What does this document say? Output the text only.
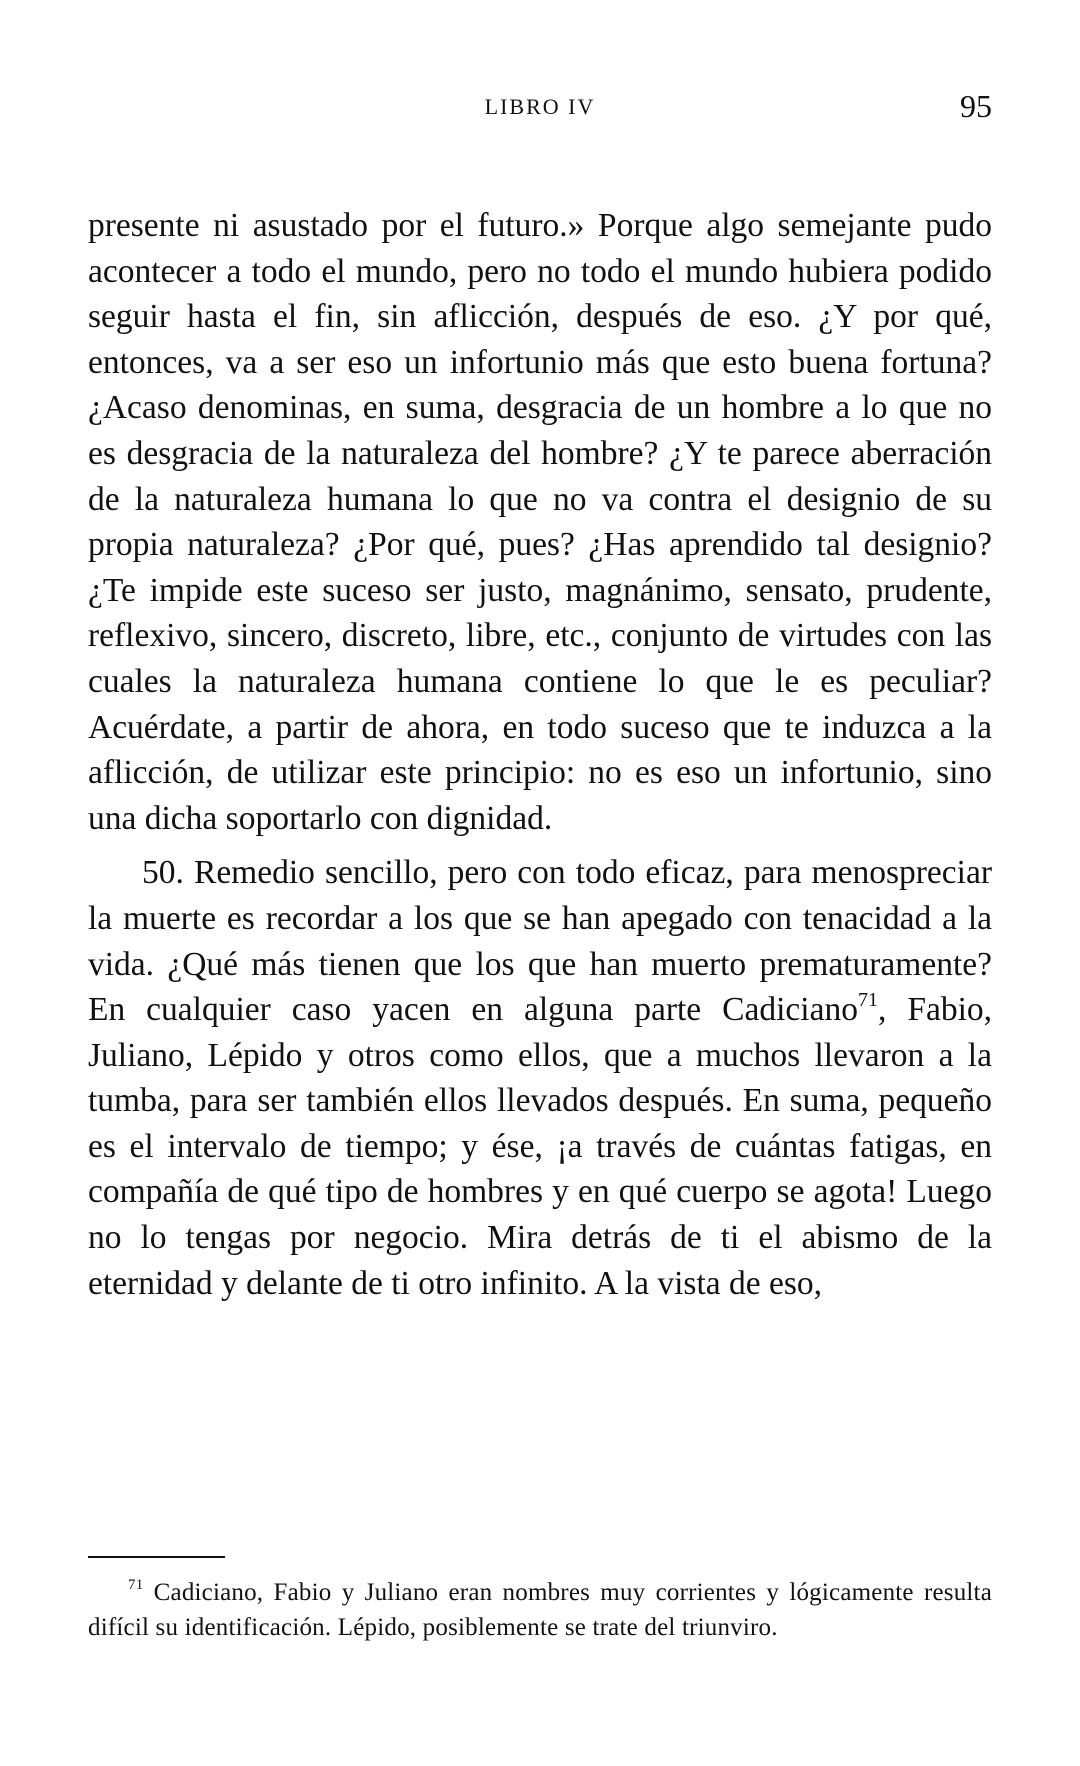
LIBRO IV	95

presente ni asustado por el futuro.» Porque algo semejante pudo acontecer a todo el mundo, pero no todo el mundo hubiera podido seguir hasta el fin, sin aflicción, después de eso. ¿Y por qué, entonces, va a ser eso un infortunio más que esto buena fortuna? ¿Acaso denominas, en suma, desgracia de un hombre a lo que no es desgracia de la naturaleza del hombre? ¿Y te parece aberración de la naturaleza humana lo que no va contra el designio de su propia naturaleza? ¿Por qué, pues? ¿Has aprendido tal designio? ¿Te impide este suceso ser justo, magnánimo, sensato, prudente, reflexivo, sincero, discreto, libre, etc., conjunto de virtudes con las cuales la naturaleza humana contiene lo que le es peculiar? Acuérdate, a partir de ahora, en todo suceso que te induzca a la aflicción, de utilizar este principio: no es eso un infortunio, sino una dicha soportarlo con dignidad.

50. Remedio sencillo, pero con todo eficaz, para menospreciar la muerte es recordar a los que se han apegado con tenacidad a la vida. ¿Qué más tienen que los que han muerto prematuramente? En cualquier caso yacen en alguna parte Cadiciano$^{71}$, Fabio, Juliano, Lépido y otros como ellos, que a muchos llevaron a la tumba, para ser también ellos llevados después. En suma, pequeño es el intervalo de tiempo; y ése, ¡a través de cuántas fatigas, en compañía de qué tipo de hombres y en qué cuerpo se agota! Luego no lo tengas por negocio. Mira detrás de ti el abismo de la eternidad y delante de ti otro infinito. A la vista de eso,

$^{71}$ Cadiciano, Fabio y Juliano eran nombres muy corrientes y lógicamente resulta difícil su identificación. Lépido, posiblemente se trate del triunviro.
